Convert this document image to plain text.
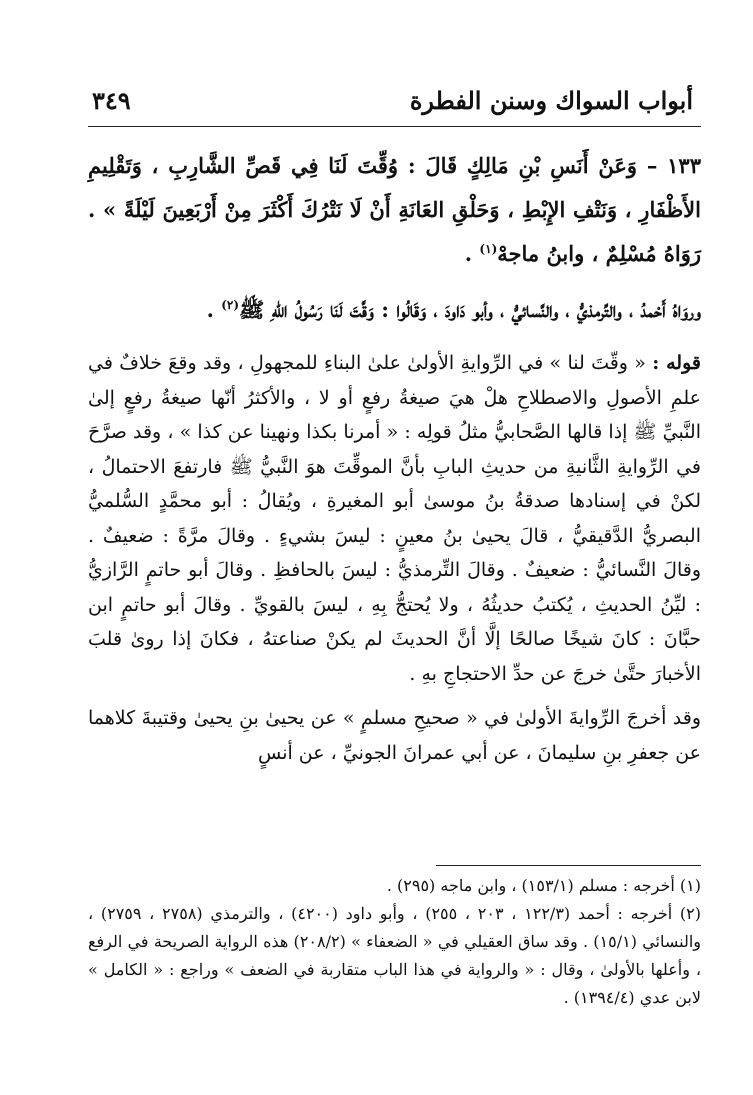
أبواب السواك وسنن الفطرة
٣٤٩

١٣٣ – وَعَنْ أَنَسِ بْنِ مَالِكٍ قَالَ : وُقِّتَ لَنَا فِي قَصِّ الشَّارِبِ ، وَتَقْلِيمِ الأَظْفَارِ ، وَنَتْفِ الإِبْطِ ، وَحَلْقِ العَانَةِ أَنْ لَا نَتْرُكَ أَكْثَرَ مِنْ أَرْبَعِينَ لَيْلَةً » . رَوَاهُ مُسْلِمٌ ، وابنُ ماجهْ$^{(١)}$ .

وروَاهُ أَحْمدُ ، والتِّرمذيُّ ، والنَّسائيُّ ، وأبو دَاودَ ، وَقَالُوا : وَقَّتَ لَنَا رَسُولُ اللّهِ ﷺ$^{(٢)}$ .

قوله : « وقّتَ لنا » في الرِّوايةِ الأولىٰ علىٰ البناءِ للمجهولِ ، وقد وقعَ خلافٌ في علمِ الأصولِ والاصطلاحِ هلْ هيَ صيغةُ رفعٍ أو لا ، والأكثرُ أنّها صيغةُ رفعٍ إلىٰ النَّبيِّ ﷺ إذا قالها الصَّحابيُّ مثلُ قولِه : « أمرنا بكذا ونهينا عن كذا » ، وقد صرَّحَ في الرِّوايةِ الثَّانيةِ من حديثِ البابِ بأنَّ الموقِّتَ هوَ النَّبيُّ ﷺ فارتفعَ الاحتمالُ ، لكنْ في إسنادها صدقةُ بنُ موسىٰ أبو المغيرةِ ، ويُقالُ : أبو محمَّدٍ السُّلميُّ البصريُّ الدَّقيقيُّ ، قالَ يحيىٰ بنُ معينٍ : ليسَ بشيءٍ . وقالَ مرَّةً : ضعيفٌ . وقالَ النَّسائيُّ : ضعيفٌ . وقالَ التِّرمذيُّ : ليسَ بالحافظِ . وقالَ أبو حاتمٍ الرَّازيُّ : ليِّنُ الحديثِ ، يُكتبُ حديثُهُ ، ولا يُحتجُّ بِهِ ، ليسَ بالقويِّ . وقالَ أبو حاتمٍ ابن حبَّانَ : كانَ شيخًا صالحًا إلَّا أنَّ الحديثَ لم يكنْ صناعتهُ ، فكانَ إذا روىٰ قلبَ الأخبارَ حتَّىٰ خرجَ عن حدِّ الاحتجاجِ بهِ .

وقد أخرجَ الرِّوايةَ الأولىٰ في « صحيحِ مسلمٍ » عن يحيىٰ بنِ يحيىٰ وقتيبةَ كلاهما عن جعفرِ بنِ سليمانَ ، عن أبي عمرانَ الجونيِّ ، عن أنسٍ

(١) أخرجه : مسلم (١٥٣/١) ، وابن ماجه (٢٩٥) .

(٢) أخرجه : أحمد (١٢٢/٣ ، ٢٠٣ ، ٢٥٥) ، وأبو داود (٤٢٠٠) ، والترمذي (٢٧٥٨ ، ٢٧٥٩) ، والنسائي (١٥/١) . وقد ساق العقيلي في « الضعفاء » (٢٠٨/٢) هذه الرواية الصريحة في الرفع ، وأعلها بالأولىٰ ، وقال : « والرواية في هذا الباب متقاربة في الضعف » وراجع : « الكامل » لابن عدي (١٣٩٤/٤) .
